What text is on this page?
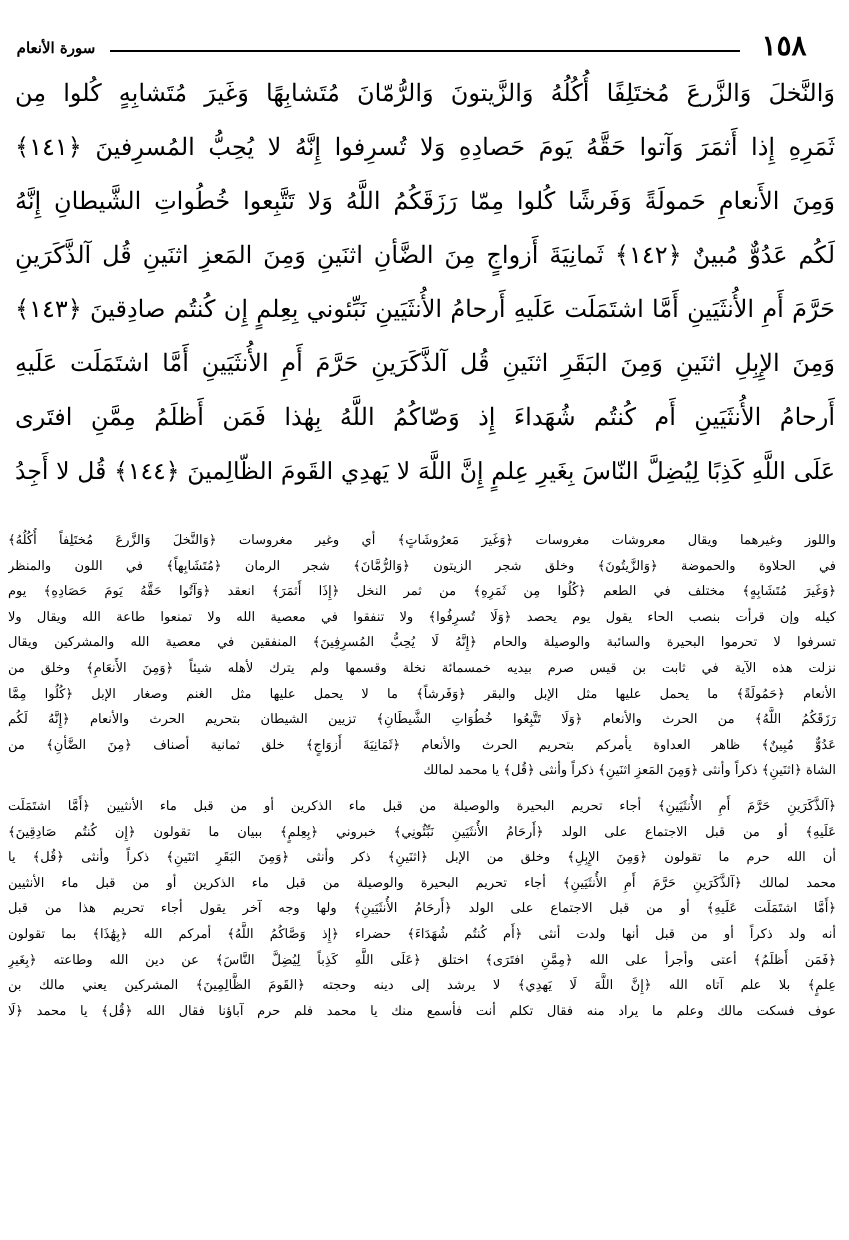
١٥٨
سورة الأنعام
وَالنَّخلَ وَالزَّرعَ مُختَلِفًا أُكُلُهُ وَالزَّيتونَ وَالرُّمّانَ مُتَشابِهًا وَغَيرَ مُتَشابِهٍ كُلوا مِن
ثَمَرِهِ إِذا أَثمَرَ وَآتوا حَقَّهُ يَومَ حَصادِهِ وَلا تُسرِفوا إِنَّهُ لا يُحِبُّ المُسرِفينَ ﴿١٤١﴾
وَمِنَ الأَنعامِ حَمولَةً وَفَرشًا كُلوا مِمّا رَزَقَكُمُ اللَّهُ وَلا تَتَّبِعوا خُطُواتِ الشَّيطانِ إِنَّهُ
لَكُم عَدُوٌّ مُبينٌ ﴿١٤٢﴾ ثَمانِيَةَ أَزواجٍ مِنَ الضَّأنِ اثنَينِ وَمِنَ المَعزِ اثنَينِ قُل آلذَّكَرَينِ
حَرَّمَ أَمِ الأُنثَيَينِ أَمَّا اشتَمَلَت عَلَيهِ أَرحامُ الأُنثَيَينِ نَبِّئوني بِعِلمٍ إِن كُنتُم صادِقينَ ﴿١٤٣﴾
وَمِنَ الإِبِلِ اثنَينِ وَمِنَ البَقَرِ اثنَينِ قُل آلذَّكَرَينِ حَرَّمَ أَمِ الأُنثَيَينِ أَمَّا اشتَمَلَت عَلَيهِ
أَرحامُ الأُنثَيَينِ أَم كُنتُم شُهَداءَ إِذ وَصّاكُمُ اللَّهُ بِهٰذا فَمَن أَظلَمُ مِمَّنِ افتَرى
عَلَى اللَّهِ كَذِبًا لِيُضِلَّ النّاسَ بِغَيرِ عِلمٍ إِنَّ اللَّهَ لا يَهدِي القَومَ الظّالِمينَ ﴿١٤٤﴾ قُل لا أَجِدُ
واللوز وغيرهما ويقال معروشات مغروسات ﴿وَغَيرَ مَعرُوشَاتٍ﴾ أي وغير مغروسات ﴿وَالنَّخلَ وَالزَّرعَ مُختَلِفاً أُكُلُهُ﴾
في الحلاوة والحموضة ﴿وَالزَّيتُونَ﴾ وخلق شجر الزيتون ﴿وَالرُّمَّانَ﴾ شجر الرمان ﴿مُتَشَابِهاً﴾ في اللون والمنظر
﴿وَغَيرَ مُتَشَابِهٍ﴾ مختلف في الطعم ﴿كُلُوا مِن ثَمَرِهِ﴾ من ثمر النخل ﴿إِذَا أَثمَرَ﴾ انعقد ﴿وَآتُوا حَقَّهُ يَومَ حَصَادِهِ﴾ يوم
كيله وإن قرأت بنصب الحاء يقول يوم يحصد ﴿وَلَا تُسرِفُوا﴾ ولا تنفقوا في معصية الله ولا تمنعوا طاعة الله ويقال ولا
تسرفوا لا تحرموا البحيرة والسائبة والوصيلة والحام ﴿إِنَّهُ لَا يُحِبُّ المُسرِفِينَ﴾ المنفقين في معصية الله والمشركين ويقال
نزلت هذه الآية في ثابت بن قيس صرم بيديه خمسمائة نخلة وقسمها ولم يترك لأهله شيئاً ﴿وَمِنَ الأَنعَامِ﴾ وخلق من
الأنعام ﴿حَمُولَةً﴾ ما يحمل عليها مثل الإبل والبقر ﴿وَفَرشاً﴾ ما لا يحمل عليها مثل الغنم وصغار الإبل ﴿كُلُوا مِمَّا
رَزَقَكُمُ اللَّهُ﴾ من الحرث والأنعام ﴿وَلَا تَتَّبِعُوا خُطُوَاتِ الشَّيطَانِ﴾ تزيين الشيطان بتحريم الحرث والأنعام ﴿إِنَّهُ لَكُم
عَدُوٌّ مُبِينٌ﴾ ظاهر العداوة يأمركم بتحريم الحرث والأنعام ﴿ثَمَانِيَةَ أَزوَاجٍ﴾ خلق ثمانية أصناف ﴿مِنَ الضَّأنِ﴾ من
الشاة ﴿اثنَينِ﴾ ذكراً وأنثى ﴿وَمِنَ المَعزِ اثنَينِ﴾ ذكراً وأنثى ﴿قُل﴾ يا محمد لمالك
﴿آلذَّكَرَينِ حَرَّمَ أَمِ الأُنثَيَينِ﴾ أجاء تحريم البحيرة والوصيلة من قبل ماء الذكرين أو من قبل ماء الأنثيين ﴿أَمَّا اشتَمَلَت
عَلَيهِ﴾ أو من قبل الاجتماع على الولد ﴿أَرحَامُ الأُنثَيَينِ نَبِّئُونِي﴾ خبروني ﴿بِعِلمٍ﴾ ببيان ما تقولون ﴿إِن كُنتُم صَادِقِينَ﴾
أن الله حرم ما تقولون ﴿وَمِنَ الإِبِلِ﴾ وخلق من الإبل ﴿اثنَينِ﴾ ذكر وأنثى ﴿وَمِنَ البَقَرِ اثنَينِ﴾ ذكراً وأنثى ﴿قُل﴾ يا
محمد لمالك ﴿آلذَّكَرَينِ حَرَّمَ أَمِ الأُنثَيَينِ﴾ أجاء تحريم البحيرة والوصيلة من قبل ماء الذكرين أو من قبل ماء الأنثيين
﴿أَمَّا اشتَمَلَت عَلَيهِ﴾ أو من قبل الاجتماع على الولد ﴿أَرحَامُ الأُنثَيَينِ﴾ ولها وجه آخر يقول أجاء تحريم هذا من قبل
أنه ولد ذكراً أو من قبل أنها ولدت أنثى ﴿أَم كُنتُم شُهَدَاءَ﴾ حضراء ﴿إِذ وَصَّاكُمُ اللَّهُ﴾ أمركم الله ﴿بِهَٰذَا﴾ بما تقولون
﴿فَمَن أَظلَمُ﴾ أعتى وأجرأ على الله ﴿مِمَّنِ افتَرَى﴾ اختلق ﴿عَلَى اللَّهِ كَذِباً لِيُضِلَّ النَّاسَ﴾ عن دين الله وطاعته ﴿بِغَيرِ
عِلمٍ﴾ بلا علم آتاه الله ﴿إِنَّ اللَّهَ لَا يَهدِي﴾ لا يرشد إلى دينه وحجته ﴿القَومَ الظَّالِمِينَ﴾ المشركين يعني مالك بن
عوف فسكت مالك وعلم ما يراد منه فقال تكلم أنت فأسمع منك يا محمد فلم حرم آباؤنا فقال الله ﴿قُل﴾ يا محمد ﴿لَا
